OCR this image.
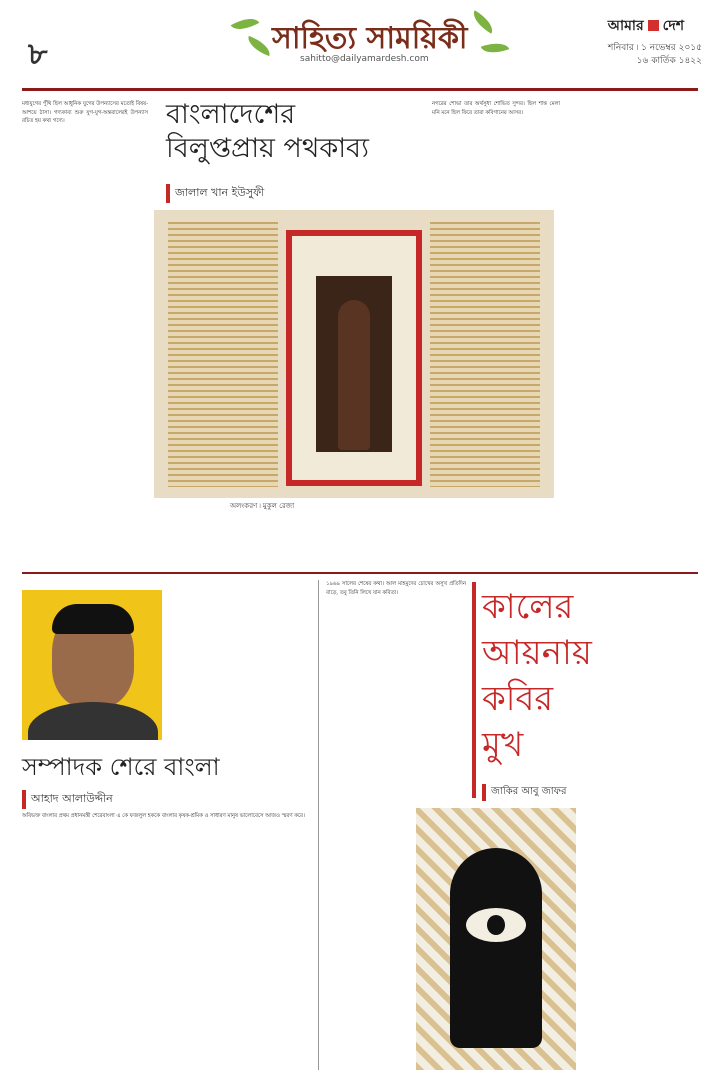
৮	সাহিত্য সাময়িকী
sahitto@dailyamardesh.com
আমার দেশ
শনিবার ৷ ১ নভেম্বর ২০১৫
১৬ কার্তিক ১৪২২

মধ্যযুগের পুঁথি ছিল আধুনিক যুগের উপন্যাসের মতোই বিষয়-আশয়ে ঠাসা। গদ্যকাব্য শুরু যুগ-যুগ-অন্তরালেরই উপন্যাস রচিত হয় কথ্য গদ্যে।	বাংলাদেশের
বিলুপ্তপ্রায় পথকাব্য
জালাল খান ইউসুফী
অলংকরণ ৷ মুকুল রেজা

নগরের শোভা তার অর্থসুধা শোভিত সুন্দর। ছিল শান্ত মেলা মনি মনে ছিল ফিরে তারা কবিগানের আসর।

সম্পাদক শেরে বাংলা
আহাদ আলাউদ্দীন

অবিভক্ত বাংলার প্রথম প্রধানমন্ত্রী শেরেবাংলা এ কে ফজলুল হককে বাংলার কৃষক-শ্রমিক ও সাধারণ মানুষ ভালোবেসে আজও স্মরণ করে।

১৯৬৯ সালের শেষের কথা। আল মাহমুদের চোখের অসুখ প্রতিদিন বাড়ে, তবু তিনি লিখে যান কবিতা।	কালের
আয়নায়
কবির
মুখ
জাকির আবু জাফর
